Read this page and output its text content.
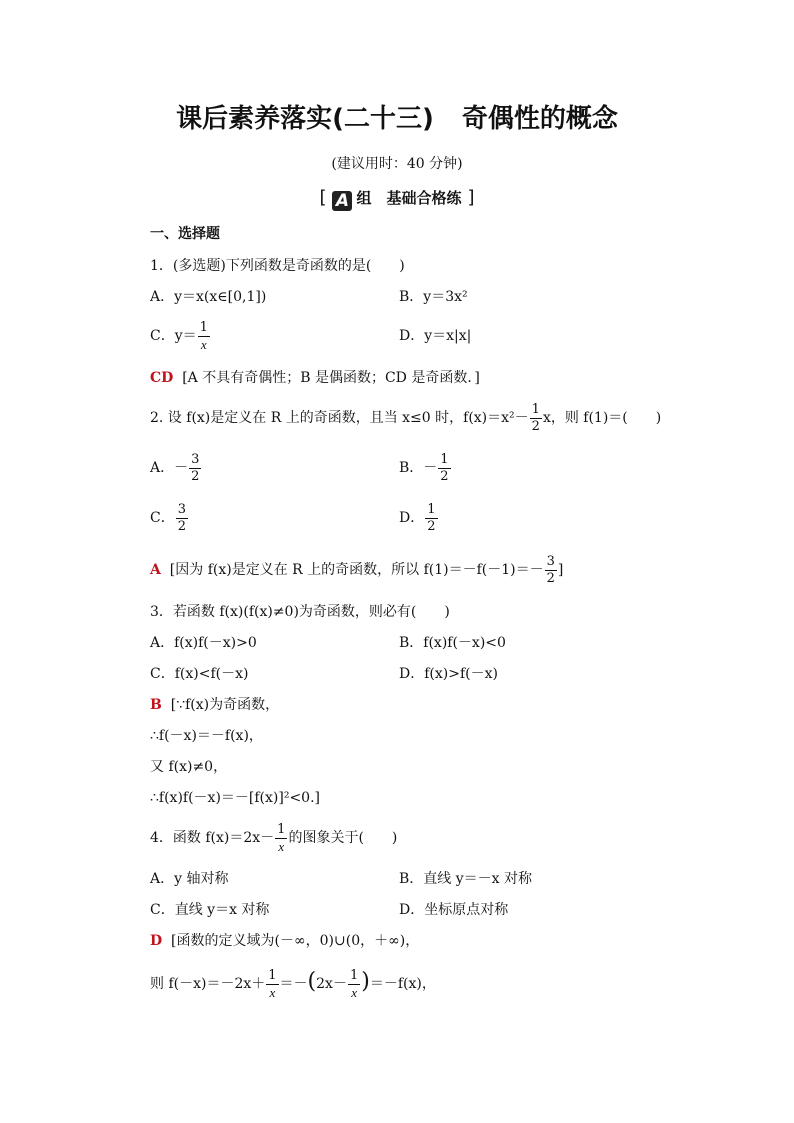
课后素养落实(二十三) 奇偶性的概念
(建议用时：40 分钟)
[ A 组　基础合格练 ]
一、选择题
1．(多选题)下列函数是奇函数的是(　　)
A．y＝x(x∈[0,1])	B．y＝3x²
C．$y= \frac{1}{x}$	D．y＝x|x|
CD [A 不具有奇偶性；B 是偶函数；CD 是奇函数．]
2. 设 f(x)是定义在 R 上的奇函数，且当 x≤0 时，$f(x)=x^2- \frac{1}{2}$ x，则 f(1)＝(　　)
A．－ $\frac{3}{2}$	B．－ $\frac{1}{2}$
C． $\frac{3}{2}$	D． $\frac{1}{2}$
A [因为 f(x)是定义在 R 上的奇函数，所以 $f(1)=-f(-1)=- \frac{3}{2}$ ]
3．若函数 f(x)(f(x)≠0)为奇函数，则必有(　　)
A．f(x)f(－x)>0	B．f(x)f(－x)<0
C．f(x)<f(－x)	D．f(x)>f(－x)
B [∵f(x)为奇函数，
∴f(－x)＝－f(x)，
又 f(x)≠0，
∴f(x)f(－x)＝－[f(x)]²<0.]
4．函数 $f(x)=2x- \frac{1}{x}$ 的图象关于(　　)
A．y 轴对称	B．直线 y＝－x 对称
C．直线 y＝x 对称	D．坐标原点对称
D [函数的定义域为(－∞，0)∪(0，＋∞)，
则 $f(-x)=-2x+ \frac{1}{x} =-(2x- \frac{1}{x} )=-f(x)$，
